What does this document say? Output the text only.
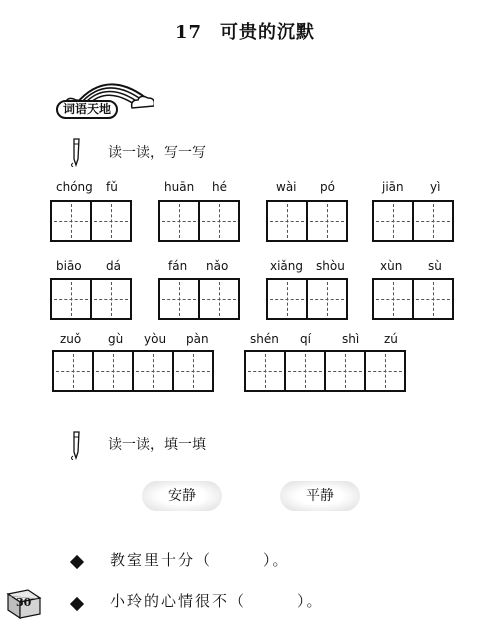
17 可贵的沉默
词语天地
读一读，写一写
chóng fǔ	huān hé	wài pó	jiān yì
biāo dá	fán nǎo	xiǎng shòu	xùn sù
zuǒ gù yòu pàn	shén qí	shì zú
读一读，填一填
安静	平静
教室里十分（　　　）。
小玲的心情很不（　　　）。
30
